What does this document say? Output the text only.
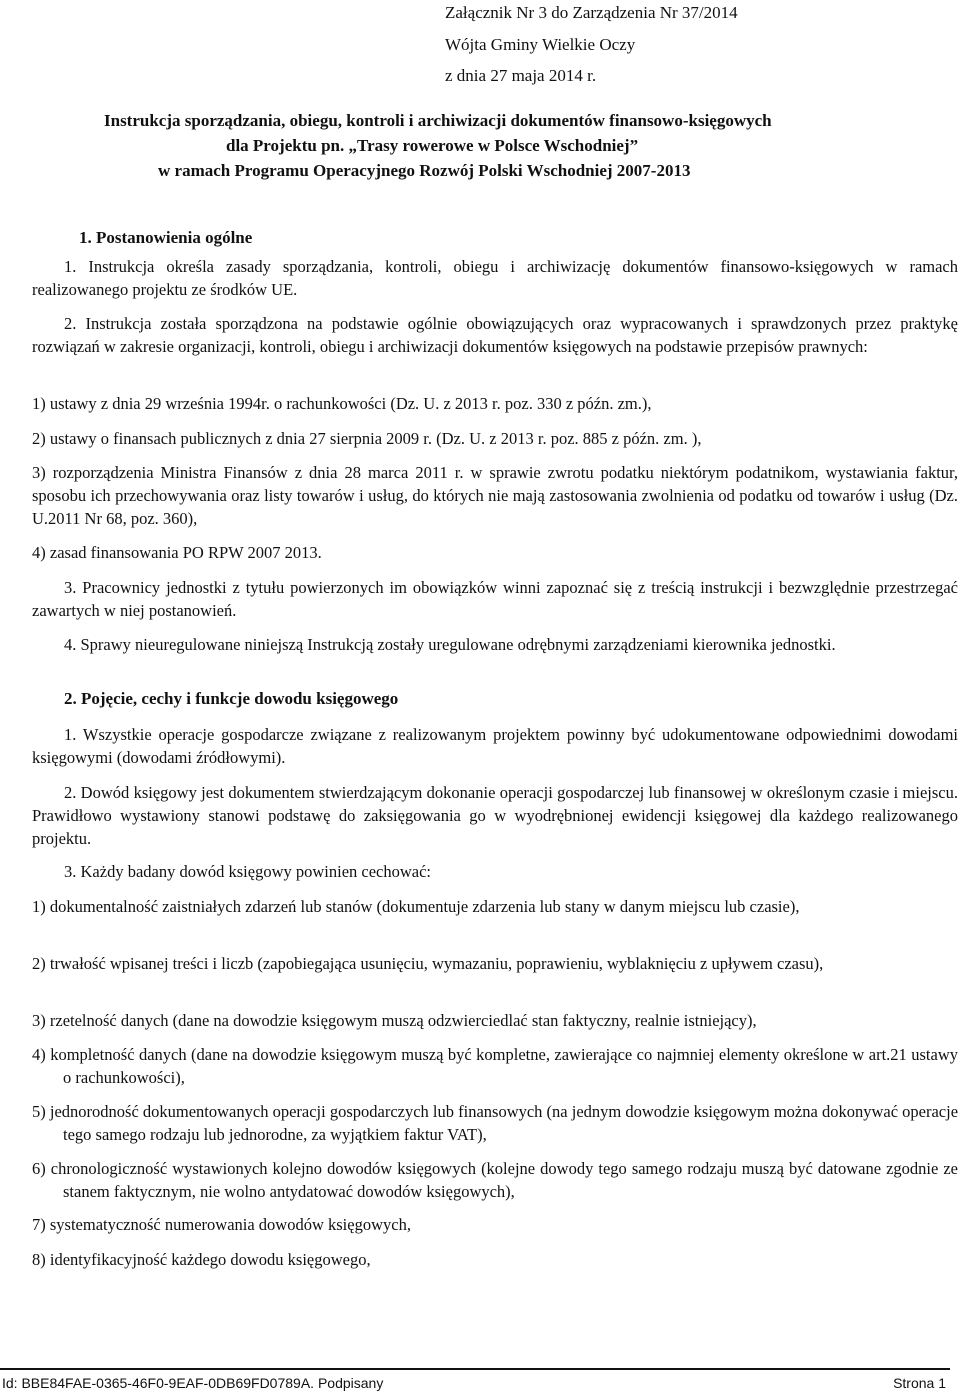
Załącznik Nr 3 do Zarządzenia Nr 37/2014
Wójta Gminy Wielkie Oczy
z dnia 27 maja 2014 r.
Instrukcja sporządzania, obiegu, kontroli i archiwizacji dokumentów finansowo-księgowych
dla Projektu pn. „Trasy rowerowe w Polsce Wschodniej”
w ramach Programu Operacyjnego Rozwój Polski Wschodniej 2007-2013
1. Postanowienia ogólne
1. Instrukcja określa zasady sporządzania, kontroli, obiegu i archiwizację dokumentów finansowo-księgowych w ramach realizowanego projektu ze środków UE.
2. Instrukcja została sporządzona na podstawie ogólnie obowiązujących oraz wypracowanych i sprawdzonych przez praktykę rozwiązań w zakresie organizacji, kontroli, obiegu i archiwizacji dokumentów księgowych na podstawie przepisów prawnych:
1) ustawy z dnia 29 września 1994r. o rachunkowości (Dz. U. z 2013 r. poz. 330 z późn. zm.),
2) ustawy o finansach publicznych z dnia 27 sierpnia 2009 r. (Dz. U. z 2013 r. poz. 885 z późn. zm. ),
3) rozporządzenia Ministra Finansów z dnia 28 marca 2011 r. w sprawie zwrotu podatku niektórym podatnikom, wystawiania faktur, sposobu ich przechowywania oraz listy towarów i usług, do których nie mają zastosowania zwolnienia od podatku od towarów i usług (Dz. U.2011 Nr 68, poz. 360),
4) zasad finansowania PO RPW 2007 2013.
3. Pracownicy jednostki z tytułu powierzonych im obowiązków winni zapoznać się z treścią instrukcji i bezwzględnie przestrzegać zawartych w niej postanowień.
4. Sprawy nieuregulowane niniejszą Instrukcją zostały uregulowane odrębnymi zarządzeniami kierownika jednostki.
2. Pojęcie, cechy i funkcje dowodu księgowego
1. Wszystkie operacje gospodarcze związane z realizowanym projektem powinny być udokumentowane odpowiednimi dowodami księgowymi (dowodami źródłowymi).
2. Dowód księgowy jest dokumentem stwierdzającym dokonanie operacji gospodarczej lub finansowej w określonym czasie i miejscu. Prawidłowo wystawiony stanowi podstawę do zaksięgowania go w wyodrębnionej ewidencji księgowej dla każdego realizowanego projektu.
3. Każdy badany dowód księgowy powinien cechować:
1) dokumentalność zaistniałych zdarzeń lub stanów (dokumentuje zdarzenia lub stany w danym miejscu lub czasie),
2) trwałość wpisanej treści i liczb (zapobiegająca usunięciu, wymazaniu, poprawieniu, wyblaknięciu z upływem czasu),
3) rzetelność danych (dane na dowodzie księgowym muszą odzwierciedlać stan faktyczny, realnie istniejący),
4) kompletność danych (dane na dowodzie księgowym muszą być kompletne, zawierające co najmniej elementy określone w art.21 ustawy o rachunkowości),
5) jednorodność dokumentowanych operacji gospodarczych lub finansowych (na jednym dowodzie księgowym można dokonywać operacje tego samego rodzaju lub jednorodne, za wyjątkiem faktur VAT),
6) chronologiczność wystawionych kolejno dowodów księgowych (kolejne dowody tego samego rodzaju muszą być datowane zgodnie ze stanem faktycznym, nie wolno antydatować dowodów księgowych),
7) systematyczność numerowania dowodów księgowych,
8) identyfikacyjność każdego dowodu księgowego,
Id: BBE84FAE-0365-46F0-9EAF-0DB69FD0789A. Podpisany	Strona 1
